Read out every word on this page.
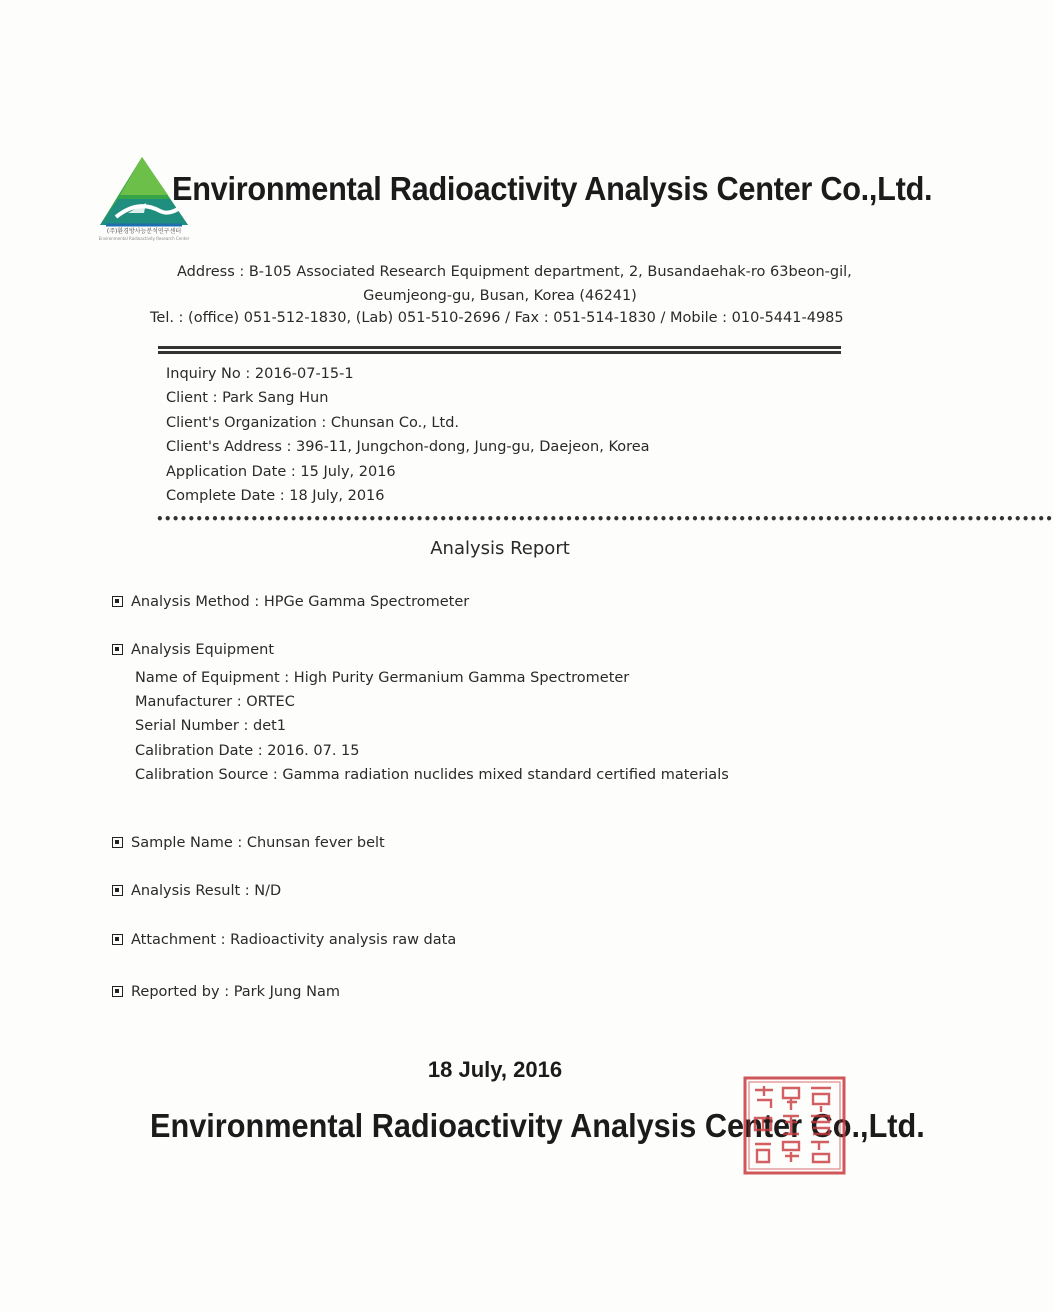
(주)환경방사능분석연구센터
Environmental Radioactivity Research Center
Environmental Radioactivity Analysis Center Co.,Ltd.
Address : B-105 Associated Research Equipment department, 2, Busandaehak-ro 63beon-gil,
Geumjeong-gu, Busan, Korea (46241)
Tel. : (office) 051-512-1830, (Lab) 051-510-2696 / Fax : 051-514-1830 / Mobile : 010-5441-4985
Inquiry No : 2016-07-15-1
Client : Park Sang Hun
Client's Organization : Chunsan Co., Ltd.
Client's Address : 396-11, Jungchon-dong, Jung-gu, Daejeon, Korea
Application Date : 15 July, 2016
Complete Date : 18 July, 2016
••••••••••••••••••••••••••••••••••••••••••••••••••••••••••••••••••••••••••••••••••••••••••••••••••••••••••••••••••
Analysis Report
Analysis Method : HPGe Gamma Spectrometer
Analysis Equipment
Name of Equipment : High Purity Germanium Gamma Spectrometer
Manufacturer : ORTEC
Serial Number : det1
Calibration Date : 2016. 07. 15
Calibration Source : Gamma radiation nuclides mixed standard certified materials
Sample Name : Chunsan fever belt
Analysis Result : N/D
Attachment : Radioactivity analysis raw data
Reported by : Park Jung Nam
18 July, 2016
Environmental Radioactivity Analysis Center Co.,Ltd.
